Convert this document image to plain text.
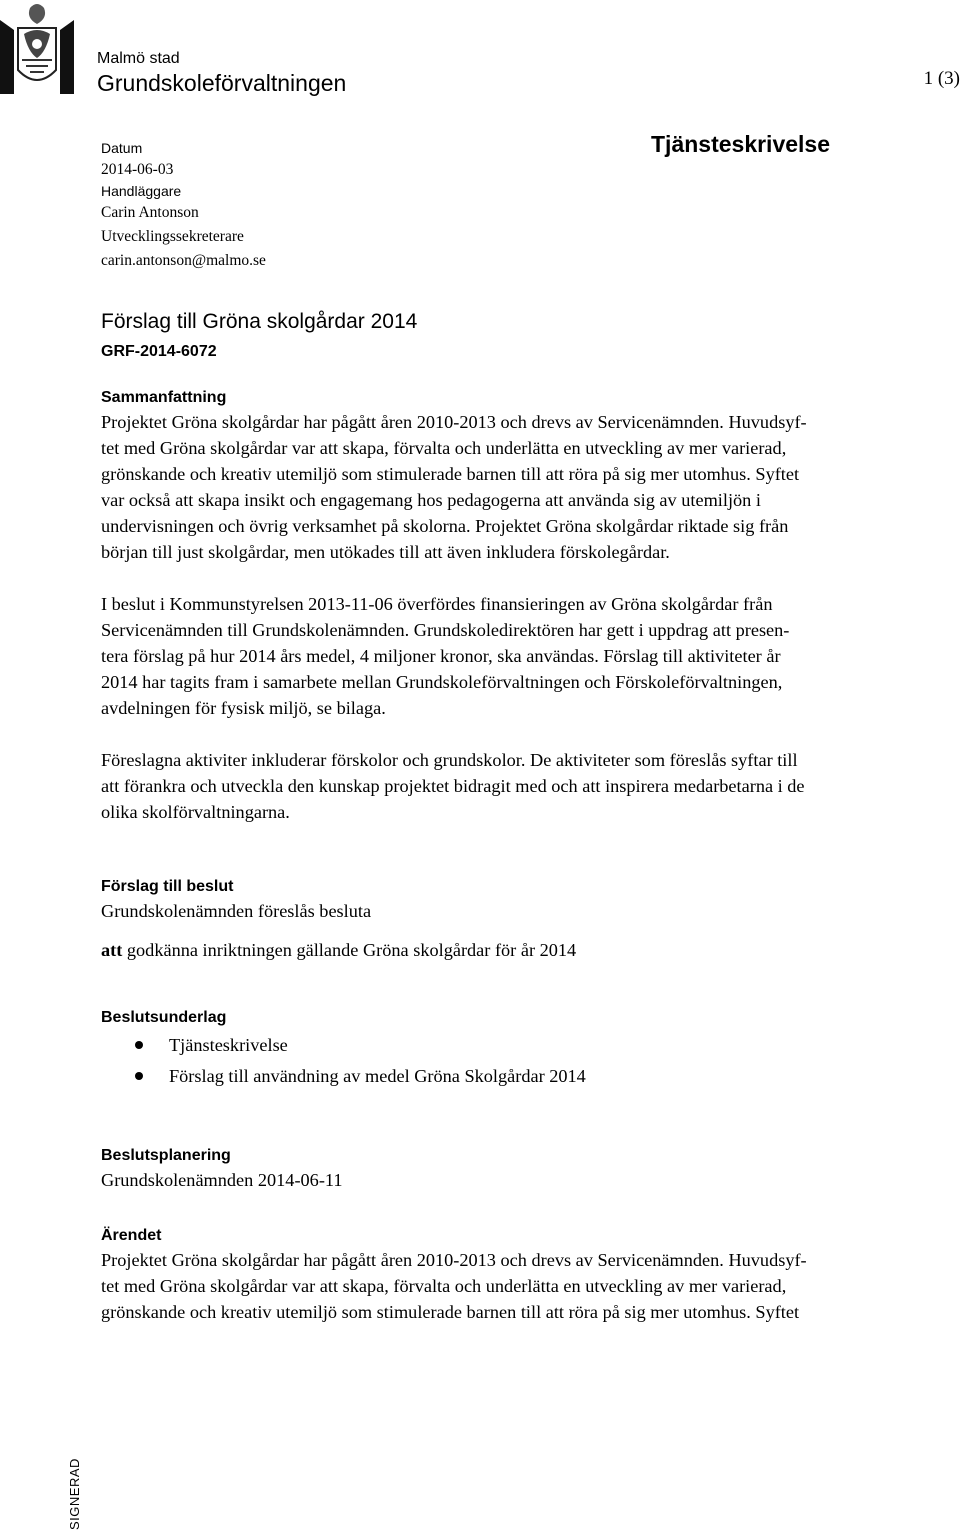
Malmö stad
Grundskoleförvaltningen	1 (3)
Datum
2014-06-03
Handläggare
Carin Antonson
Utvecklingssekreterare
carin.antonson@malmo.se
Tjänsteskrivelse
Förslag till Gröna skolgårdar 2014
GRF-2014-6072
Sammanfattning

Projektet Gröna skolgårdar har pågått åren 2010-2013 och drevs av Servicenämnden. Huvudsyf-
tet med Gröna skolgårdar var att skapa, förvalta och underlätta en utveckling av mer varierad,
grönskande och kreativ utemiljö som stimulerade barnen till att röra på sig mer utomhus. Syftet
var också att skapa insikt och engagemang hos pedagogerna att använda sig av utemiljön i
undervisningen och övrig verksamhet på skolorna. Projektet Gröna skolgårdar riktade sig från
början till just skolgårdar, men utökades till att även inkludera förskolegårdar.

I beslut i Kommunstyrelsen 2013-11-06 överfördes finansieringen av Gröna skolgårdar från
Servicenämnden till Grundskolenämnden. Grundskoledirektören har gett i uppdrag att presen-
tera förslag på hur 2014 års medel, 4 miljoner kronor, ska användas. Förslag till aktiviteter år
2014 har tagits fram i samarbete mellan Grundskoleförvaltningen och Förskoleförvaltningen,
avdelningen för fysisk miljö, se bilaga.

Föreslagna aktiviter inkluderar förskolor och grundskolor. De aktiviteter som föreslås syftar till
att förankra och utveckla den kunskap projektet bidragit med och att inspirera medarbetarna i de
olika skolförvaltningarna.

Förslag till beslut

Grundskolenämnden föreslås besluta

att godkänna inriktningen gällande Gröna skolgårdar för år 2014

Beslutsunderlag
Tjänsteskrivelse
Förslag till användning av medel Gröna Skolgårdar 2014
Beslutsplanering

Grundskolenämnden 2014-06-11

Ärendet

Projektet Gröna skolgårdar har pågått åren 2010-2013 och drevs av Servicenämnden. Huvudsyf-
tet med Gröna skolgårdar var att skapa, förvalta och underlätta en utveckling av mer varierad,
grönskande och kreativ utemiljö som stimulerade barnen till att röra på sig mer utomhus. Syftet

SIGNERAD
